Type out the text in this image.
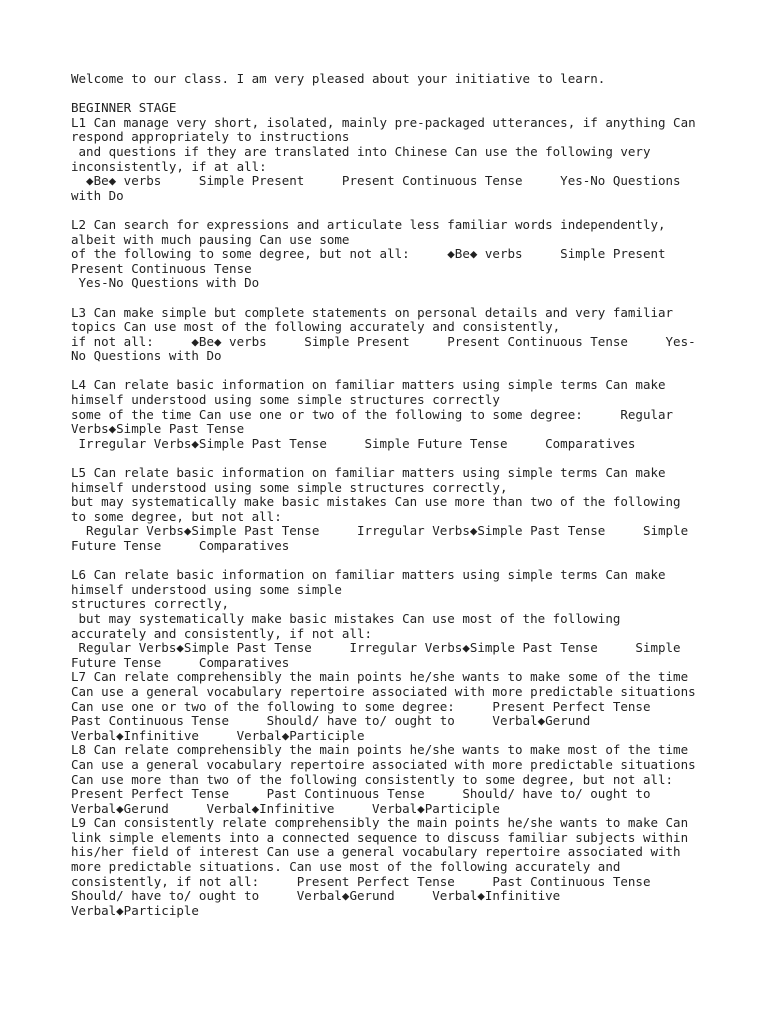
Welcome to our class. I am very pleased about your initiative to learn.
BEGINNER STAGE
L1 Can manage very short, isolated, mainly pre-packaged utterances, if anything Can
respond appropriately to instructions
and questions if they are translated into Chinese Can use the following very
inconsistently, if at all:
◆Be◆ verbs     Simple Present     Present Continuous Tense     Yes-No Questions
with Do
L2 Can search for expressions and articulate less familiar words independently,
albeit with much pausing Can use some
of the following to some degree, but not all:     ◆Be◆ verbs     Simple Present
Present Continuous Tense
Yes-No Questions with Do
L3 Can make simple but complete statements on personal details and very familiar
topics Can use most of the following accurately and consistently,
if not all:     ◆Be◆ verbs     Simple Present     Present Continuous Tense     Yes-
No Questions with Do
L4 Can relate basic information on familiar matters using simple terms Can make
himself understood using some simple structures correctly
some of the time Can use one or two of the following to some degree:     Regular
Verbs◆Simple Past Tense
Irregular Verbs◆Simple Past Tense     Simple Future Tense     Comparatives
L5 Can relate basic information on familiar matters using simple terms Can make
himself understood using some simple structures correctly,
but may systematically make basic mistakes Can use more than two of the following
to some degree, but not all:
Regular Verbs◆Simple Past Tense     Irregular Verbs◆Simple Past Tense     Simple
Future Tense     Comparatives
L6 Can relate basic information on familiar matters using simple terms Can make
himself understood using some simple
structures correctly,
but may systematically make basic mistakes Can use most of the following
accurately and consistently, if not all:
Regular Verbs◆Simple Past Tense     Irregular Verbs◆Simple Past Tense     Simple
Future Tense     Comparatives
L7 Can relate comprehensibly the main points he/she wants to make some of the time
Can use a general vocabulary repertoire associated with more predictable situations
Can use one or two of the following to some degree:     Present Perfect Tense
Past Continuous Tense     Should/ have to/ ought to     Verbal◆Gerund
Verbal◆Infinitive     Verbal◆Participle
L8 Can relate comprehensibly the main points he/she wants to make most of the time
Can use a general vocabulary repertoire associated with more predictable situations
Can use more than two of the following consistently to some degree, but not all:
Present Perfect Tense     Past Continuous Tense     Should/ have to/ ought to
Verbal◆Gerund     Verbal◆Infinitive     Verbal◆Participle
L9 Can consistently relate comprehensibly the main points he/she wants to make Can
link simple elements into a connected sequence to discuss familiar subjects within
his/her field of interest Can use a general vocabulary repertoire associated with
more predictable situations. Can use most of the following accurately and
consistently, if not all:     Present Perfect Tense     Past Continuous Tense
Should/ have to/ ought to     Verbal◆Gerund     Verbal◆Infinitive
Verbal◆Participle
